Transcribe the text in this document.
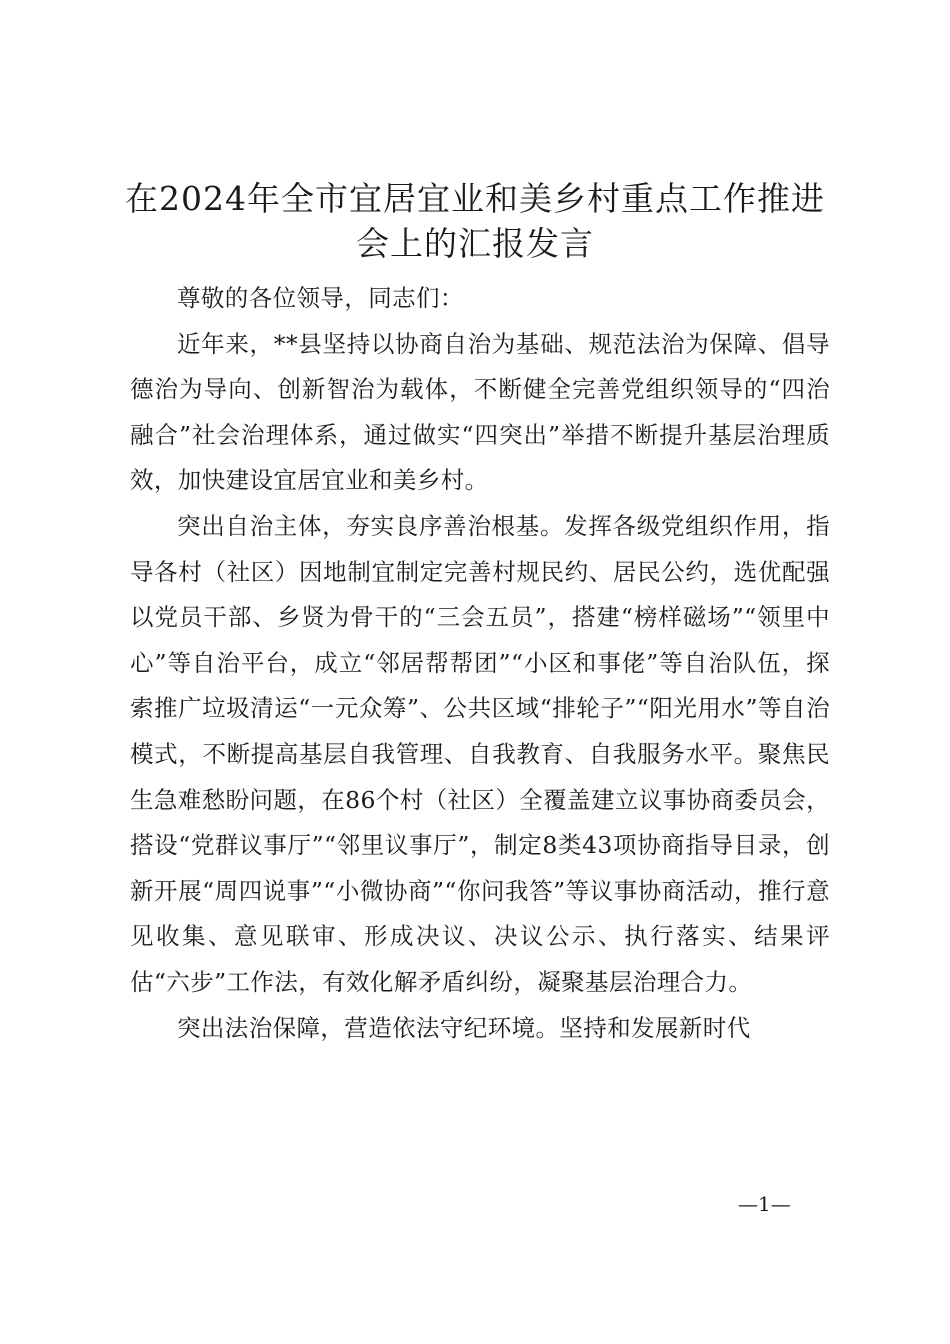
在2024年全市宜居宜业和美乡村重点工作推进会上的汇报发言

尊敬的各位领导，同志们：

近年来，**县坚持以协商自治为基础、规范法治为保障、倡导德治为导向、创新智治为载体，不断健全完善党组织领导的“四治融合”社会治理体系，通过做实“四突出”举措不断提升基层治理质效，加快建设宜居宜业和美乡村。

突出自治主体，夯实良序善治根基。发挥各级党组织作用，指导各村（社区）因地制宜制定完善村规民约、居民公约，选优配强以党员干部、乡贤为骨干的“三会五员”，搭建“榜样磁场”“领里中心”等自治平台，成立“邻居帮帮团”“小区和事佬”等自治队伍，探索推广垃圾清运“一元众筹”、公共区域“排轮子”“阳光用水”等自治模式，不断提高基层自我管理、自我教育、自我服务水平。聚焦民生急难愁盼问题，在86个村（社区）全覆盖建立议事协商委员会，搭设“党群议事厅”“邻里议事厅”，制定8类43项协商指导目录，创新开展“周四说事”“小微协商”“你问我答”等议事协商活动，推行意见收集、意见联审、形成决议、决议公示、执行落实、结果评估“六步”工作法，有效化解矛盾纠纷，凝聚基层治理合力。

突出法治保障，营造依法守纪环境。坚持和发展新时代

—1—
